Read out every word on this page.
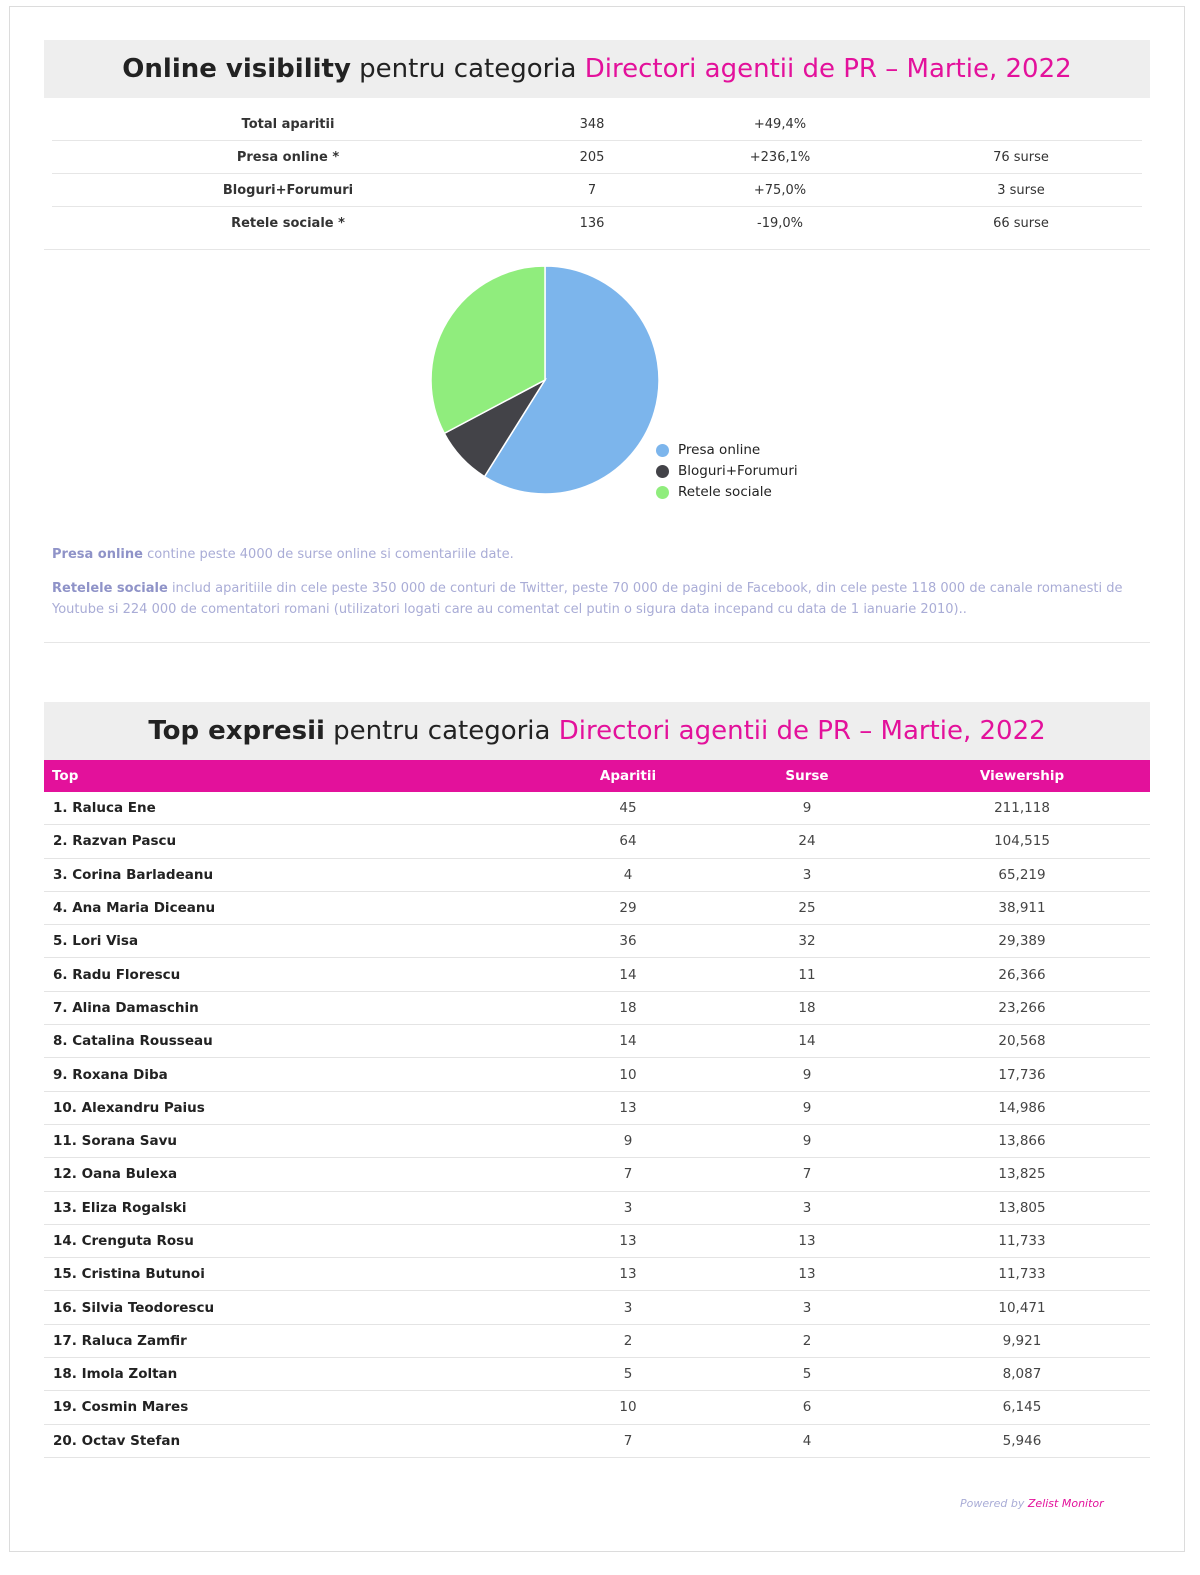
Online visibility pentru categoria Directori agentii de PR – Martie, 2022
Total aparitii	348	+49,4%	
Presa online *	205	+236,1%	76 surse
Bloguri+Forumuri	7	+75,0%	3 surse
Retele sociale *	136	-19,0%	66 surse
Presa online
Bloguri+Forumuri
Retele sociale
Presa online contine peste 4000 de surse online si comentariile date.
Retelele sociale includ aparitiile din cele peste 350 000 de conturi de Twitter, peste 70 000 de pagini de Facebook, din cele peste 118 000 de canale romanesti de Youtube si 224 000 de comentatori romani (utilizatori logati care au comentat cel putin o sigura data incepand cu data de 1 ianuarie 2010)..
Top expresii pentru categoria Directori agentii de PR – Martie, 2022
Top	Aparitii	Surse	Viewership
1. Raluca Ene	45	9	211,118
2. Razvan Pascu	64	24	104,515
3. Corina Barladeanu	4	3	65,219
4. Ana Maria Diceanu	29	25	38,911
5. Lori Visa	36	32	29,389
6. Radu Florescu	14	11	26,366
7. Alina Damaschin	18	18	23,266
8. Catalina Rousseau	14	14	20,568
9. Roxana Diba	10	9	17,736
10. Alexandru Paius	13	9	14,986
11. Sorana Savu	9	9	13,866
12. Oana Bulexa	7	7	13,825
13. Eliza Rogalski	3	3	13,805
14. Crenguta Rosu	13	13	11,733
15. Cristina Butunoi	13	13	11,733
16. Silvia Teodorescu	3	3	10,471
17. Raluca Zamfir	2	2	9,921
18. Imola Zoltan	5	5	8,087
19. Cosmin Mares	10	6	6,145
20. Octav Stefan	7	4	5,946
Powered by Zelist Monitor
